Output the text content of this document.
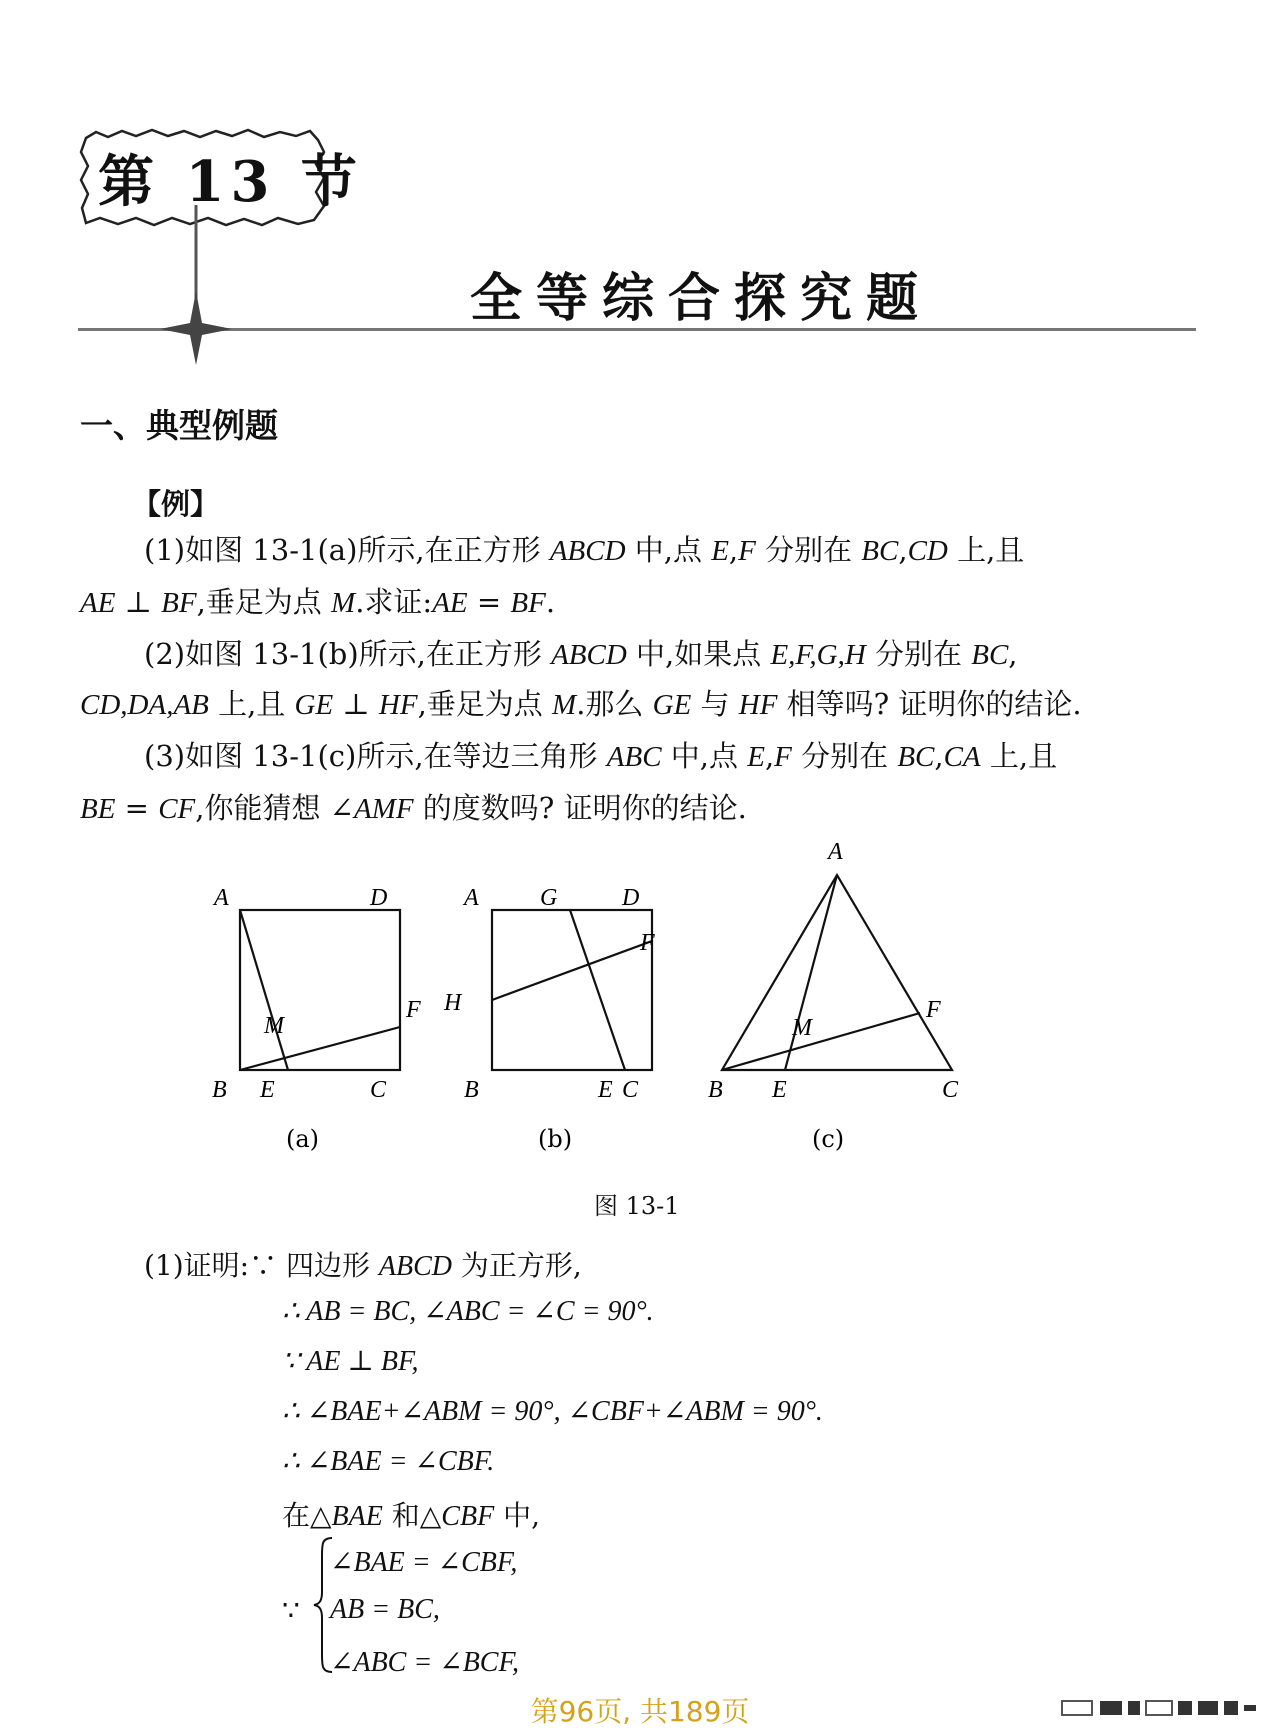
第 13 节
全等综合探究题
一、典型例题
【例】
(1)如图 13-1(a)所示,在正方形 ABCD 中,点 E,F 分别在 BC,CD 上,且
AE ⊥ BF,垂足为点 M.求证:AE = BF.
(2)如图 13-1(b)所示,在正方形 ABCD 中,如果点 E,F,G,H 分别在 BC,
CD,DA,AB 上,且 GE ⊥ HF,垂足为点 M.那么 GE 与 HF 相等吗? 证明你的结论.
(3)如图 13-1(c)所示,在等边三角形 ABC 中,点 E,F 分别在 BC,CA 上,且
BE = CF,你能猜想 ∠AMF 的度数吗? 证明你的结论.
A	D
B E	C
F
M
(a)
A	G	D
F
H
B	E C
(b)
A
F
M
B E	C
(c)
图 13-1
(1)证明:∵ 四边形 ABCD 为正方形,
∴ AB = BC, ∠ABC = ∠C = 90°.
∵ AE ⊥ BF,
∴ ∠BAE+∠ABM = 90°, ∠CBF+∠ABM = 90°.
∴ ∠BAE = ∠CBF.
在△BAE 和△CBF 中,
∵
∠BAE = ∠CBF,
AB = BC,
∠ABC = ∠BCF,
第96页, 共189页
